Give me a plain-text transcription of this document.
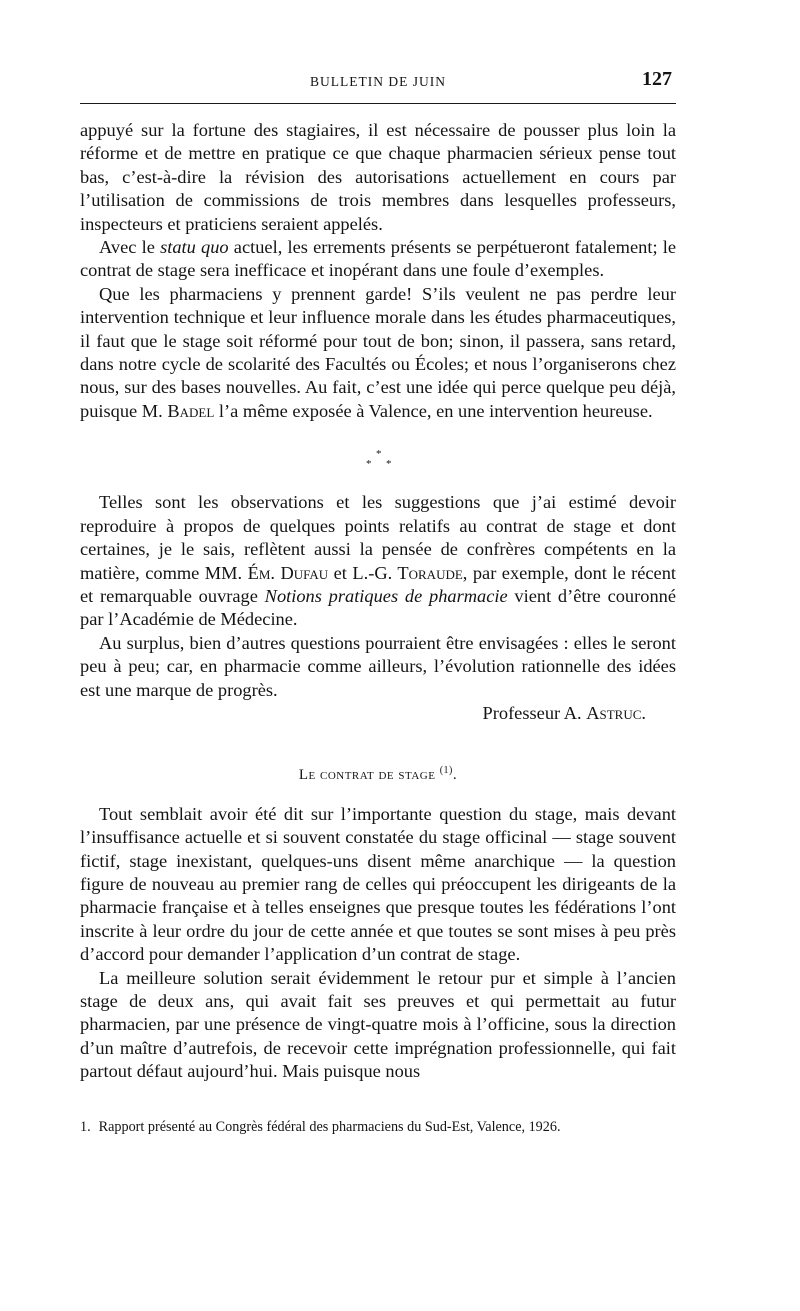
BULLETIN DE JUIN	127

appuyé sur la fortune des stagiaires, il est nécessaire de pousser plus loin la réforme et de mettre en pratique ce que chaque pharmacien sérieux pense tout bas, c’est-à-dire la révision des autorisations actuellement en cours par l’utilisation de commissions de trois membres dans lesquelles professeurs, inspecteurs et praticiens seraient appelés.

Avec le statu quo actuel, les errements présents se perpétueront fatalement; le contrat de stage sera inefficace et inopérant dans une foule d’exemples.

Que les pharmaciens y prennent garde! S’ils veulent ne pas perdre leur intervention technique et leur influence morale dans les études pharmaceutiques, il faut que le stage soit réformé pour tout de bon; sinon, il passera, sans retard, dans notre cycle de scolarité des Facultés ou Écoles; et nous l’organiserons chez nous, sur des bases nouvelles. Au fait, c’est une idée qui perce quelque peu déjà, puisque M. Badel l’a même exposée à Valence, en une intervention heureuse.

*
* *

Telles sont les observations et les suggestions que j’ai estimé devoir reproduire à propos de quelques points relatifs au contrat de stage et dont certaines, je le sais, reflètent aussi la pensée de confrères compétents en la matière, comme MM. Ém. Dufau et L.-G. Toraude, par exemple, dont le récent et remarquable ouvrage Notions pratiques de pharmacie vient d’être couronné par l’Académie de Médecine.

Au surplus, bien d’autres questions pourraient être envisagées : elles le seront peu à peu; car, en pharmacie comme ailleurs, l’évolution rationnelle des idées est une marque de progrès.

Professeur A. Astruc.
Le contrat de stage $^{(1)}$.

Tout semblait avoir été dit sur l’importante question du stage, mais devant l’insuffisance actuelle et si souvent constatée du stage officinal — stage souvent fictif, stage inexistant, quelques-uns disent même anarchique — la question figure de nouveau au premier rang de celles qui préoccupent les dirigeants de la pharmacie française et à telles enseignes que presque toutes les fédérations l’ont inscrite à leur ordre du jour de cette année et que toutes se sont mises à peu près d’accord pour demander l’application d’un contrat de stage.

La meilleure solution serait évidemment le retour pur et simple à l’ancien stage de deux ans, qui avait fait ses preuves et qui permettait au futur pharmacien, par une présence de vingt-quatre mois à l’officine, sous la direction d’un maître d’autrefois, de recevoir cette imprégnation professionnelle, qui fait partout défaut aujourd’hui. Mais puisque nous

1. Rapport présenté au Congrès fédéral des pharmaciens du Sud-Est, Valence, 1926.
